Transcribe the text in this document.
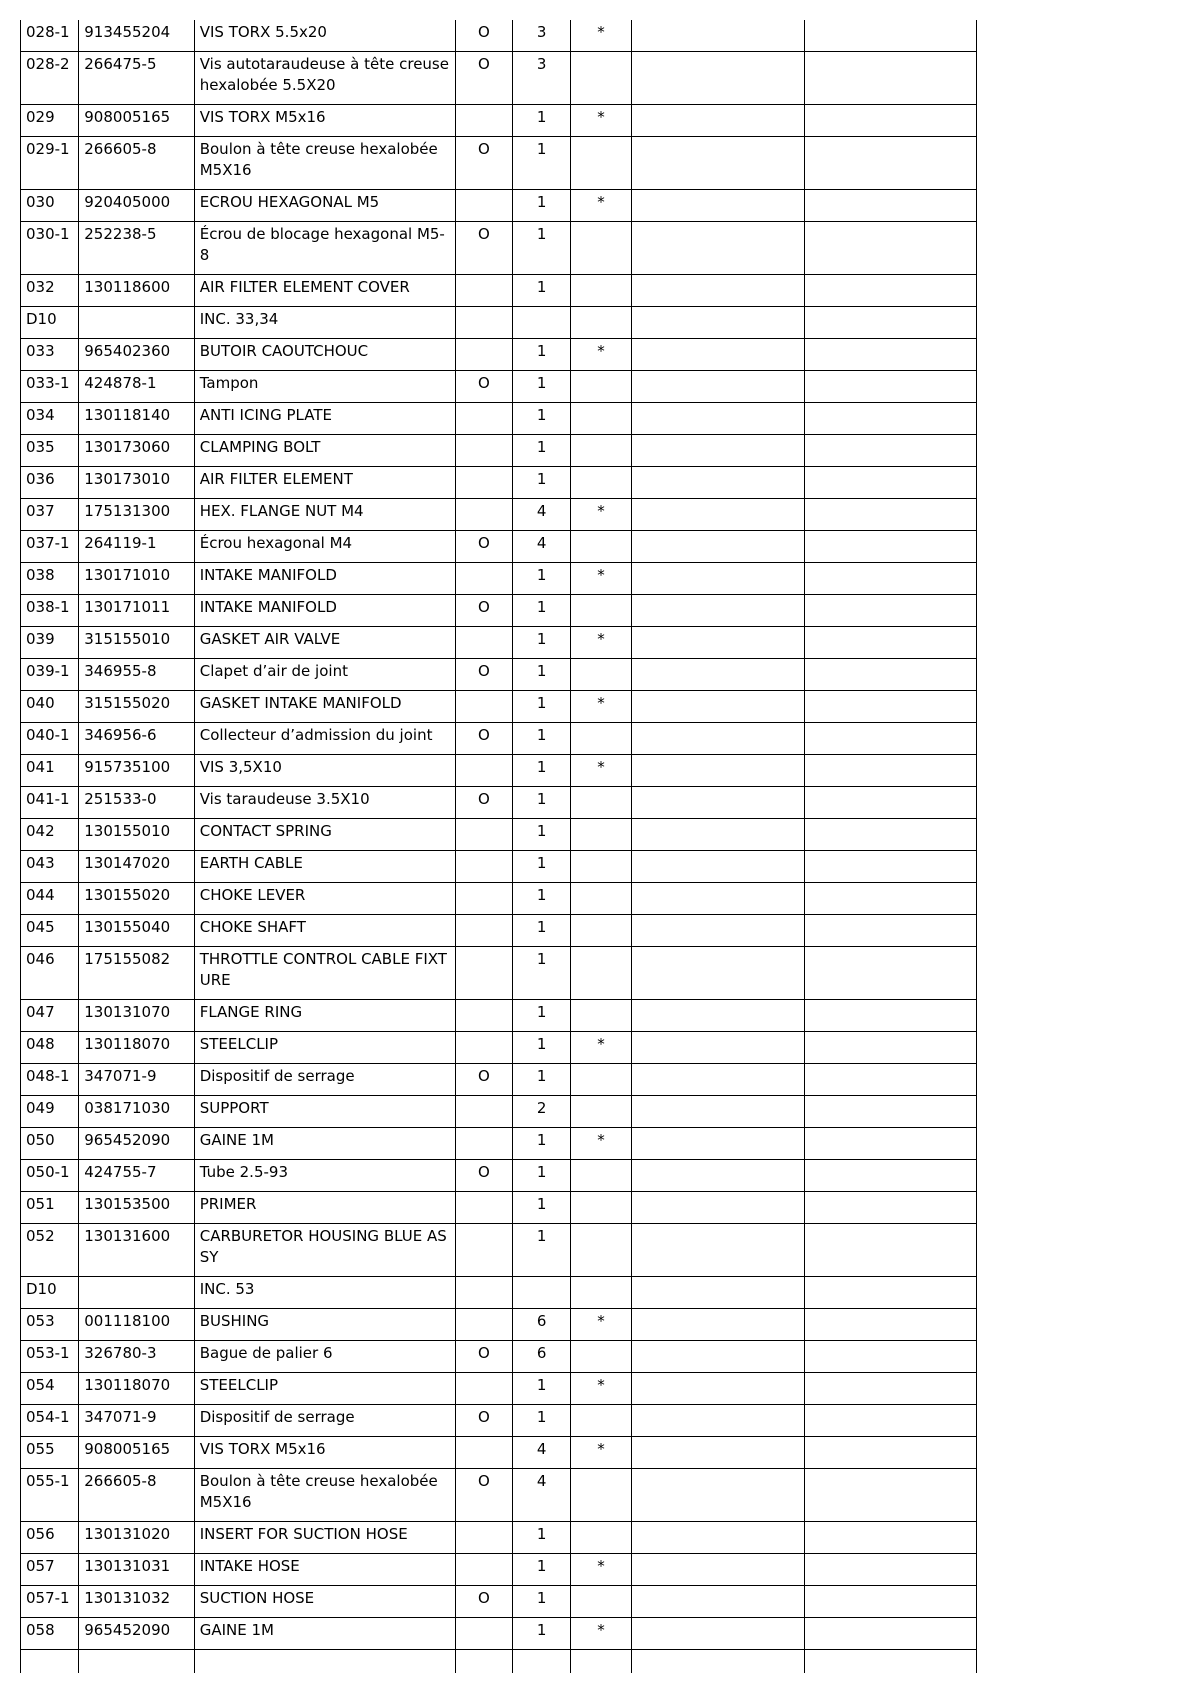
028-1	913455204	VIS TORX 5.5x20	O	3	*		
028-2	266475-5	Vis autotaraudeuse à tête creuse hexalobée 5.5X20	O	3			
029	908005165	VIS TORX M5x16		1	*		
029-1	266605-8	Boulon à tête creuse hexalobée M5X16	O	1			
030	920405000	ECROU HEXAGONAL M5		1	*		
030-1	252238-5	Écrou de blocage hexagonal M5-8	O	1			
032	130118600	AIR FILTER ELEMENT COVER		1			
D10		INC. 33,34					
033	965402360	BUTOIR CAOUTCHOUC		1	*		
033-1	424878-1	Tampon	O	1			
034	130118140	ANTI ICING PLATE		1			
035	130173060	CLAMPING BOLT		1			
036	130173010	AIR FILTER ELEMENT		1			
037	175131300	HEX. FLANGE NUT M4		4	*		
037-1	264119-1	Écrou hexagonal M4	O	4			
038	130171010	INTAKE MANIFOLD		1	*		
038-1	130171011	INTAKE MANIFOLD	O	1			
039	315155010	GASKET AIR VALVE		1	*		
039-1	346955-8	Clapet d’air de joint	O	1			
040	315155020	GASKET INTAKE MANIFOLD		1	*		
040-1	346956-6	Collecteur d’admission du joint	O	1			
041	915735100	VIS 3,5X10		1	*		
041-1	251533-0	Vis taraudeuse 3.5X10	O	1			
042	130155010	CONTACT SPRING		1			
043	130147020	EARTH CABLE		1			
044	130155020	CHOKE LEVER		1			
045	130155040	CHOKE SHAFT		1			
046	175155082	THROTTLE CONTROL CABLE FIXT URE		1			
047	130131070	FLANGE RING		1			
048	130118070	STEELCLIP		1	*		
048-1	347071-9	Dispositif de serrage	O	1			
049	038171030	SUPPORT		2			
050	965452090	GAINE 1M		1	*		
050-1	424755-7	Tube 2.5-93	O	1			
051	130153500	PRIMER		1			
052	130131600	CARBURETOR HOUSING BLUE AS SY		1			
D10		INC. 53					
053	001118100	BUSHING		6	*		
053-1	326780-3	Bague de palier 6	O	6			
054	130118070	STEELCLIP		1	*		
054-1	347071-9	Dispositif de serrage	O	1			
055	908005165	VIS TORX M5x16		4	*		
055-1	266605-8	Boulon à tête creuse hexalobée M5X16	O	4			
056	130131020	INSERT FOR SUCTION HOSE		1			
057	130131031	INTAKE HOSE		1	*		
057-1	130131032	SUCTION HOSE	O	1			
058	965452090	GAINE 1M		1	*		
